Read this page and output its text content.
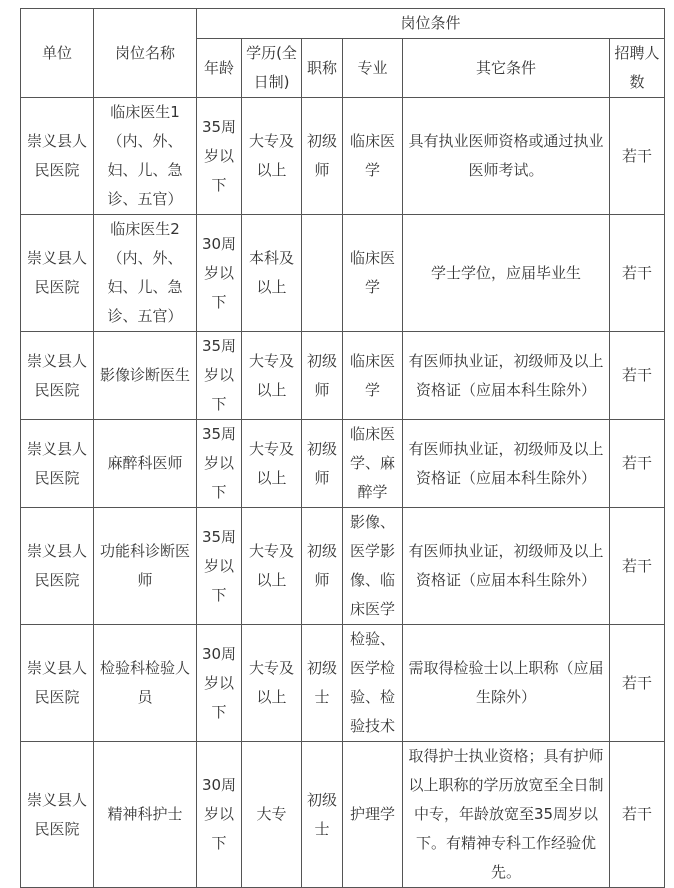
单位	岗位名称	岗位条件					
		年龄	学历(全日制)	职称	专业	其它条件	招聘人数
崇义县人民医院	临床医生1（内、外、妇、儿、急诊、五官）	35周岁以下	大专及以上	初级师	临床医学	具有执业医师资格或通过执业医师考试。	若干
崇义县人民医院	临床医生2（内、外、妇、儿、急诊、五官）	30周岁以下	本科及以上		临床医学	学士学位，应届毕业生	若干
崇义县人民医院	影像诊断医生	35周岁以下	大专及以上	初级师	临床医学	有医师执业证，初级师及以上资格证（应届本科生除外）	若干
崇义县人民医院	麻醉科医师	35周岁以下	大专及以上	初级师	临床医学、麻醉学	有医师执业证，初级师及以上资格证（应届本科生除外）	若干
崇义县人民医院	功能科诊断医师	35周岁以下	大专及以上	初级师	影像、医学影像、临床医学	有医师执业证，初级师及以上资格证（应届本科生除外）	若干
崇义县人民医院	检验科检验人员	30周岁以下	大专及以上	初级士	检验、医学检验、检验技术	需取得检验士以上职称（应届生除外）	若干
崇义县人民医院	精神科护士	30周岁以下	大专	初级士	护理学	取得护士执业资格；具有护师以上职称的学历放宽至全日制中专，年龄放宽至35周岁以下。有精神专科工作经验优先。	若干
